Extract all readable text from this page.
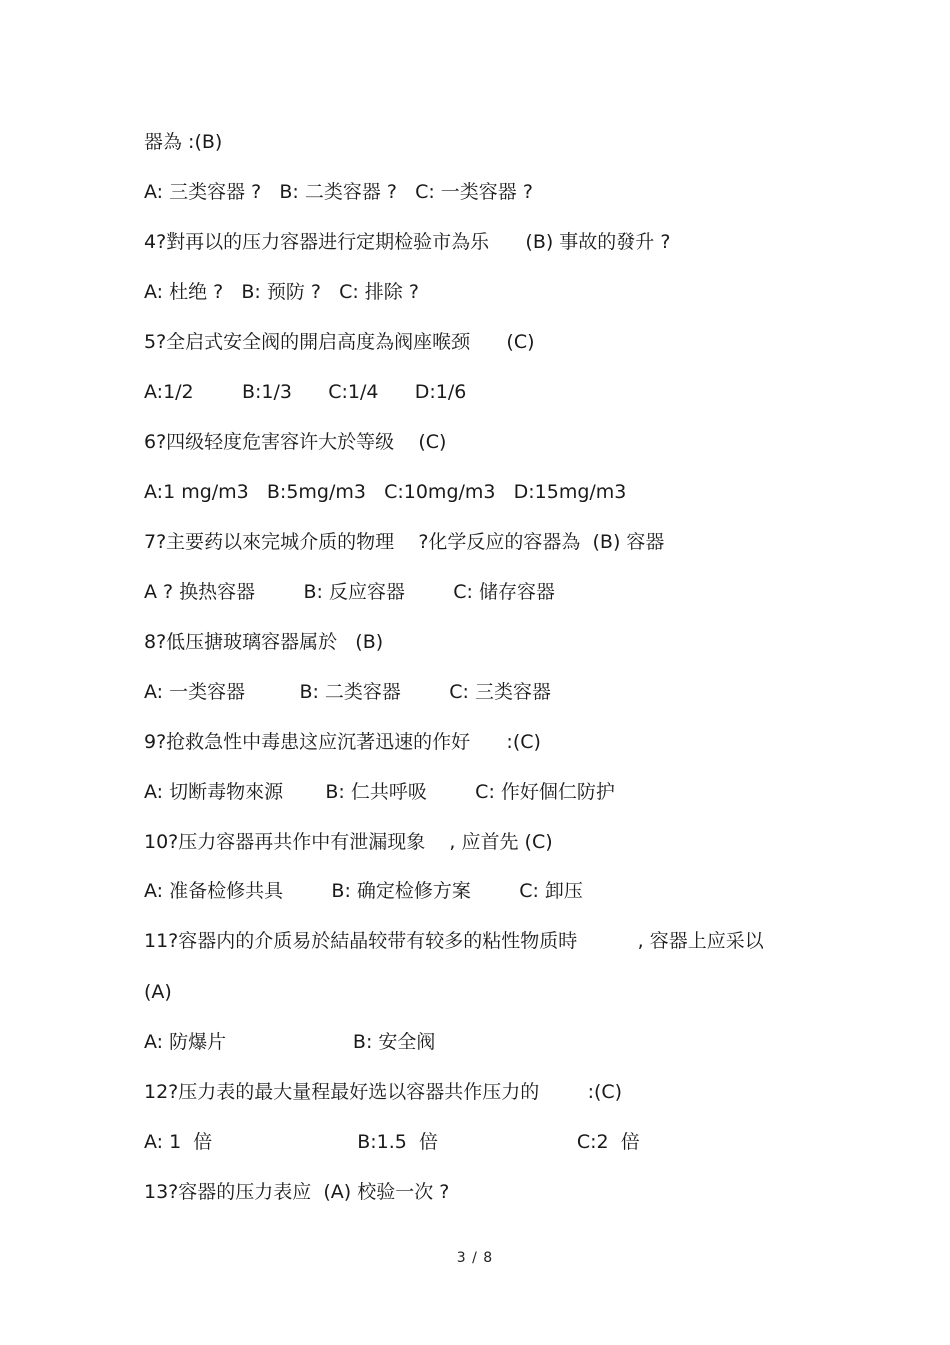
器為 :(B)
A: 三类容器 ?   B: 二类容器 ?   C: 一类容器 ?
4?對再以的压力容器进行定期检验市為乐      (B) 事故的發升 ?
A: 杜绝 ?   B: 预防 ?   C: 排除 ?
5?全启式安全阀的開启高度為阀座喉颈      (C)
A:1/2        B:1/3      C:1/4      D:1/6
6?四级轻度危害容许大於等级    (C)
A:1 mg/m3   B:5mg/m3   C:10mg/m3   D:15mg/m3
7?主要药以來完城介质的物理    ?化学反应的容器為  (B) 容器
A ? 换热容器        B: 反应容器        C: 储存容器
8?低压搪玻璃容器属於   (B)
A: 一类容器         B: 二类容器        C: 三类容器
9?抢救急性中毒患这应沉著迅速的作好      :(C)
A: 切断毒物來源       B: 仁共呼吸        C: 作好個仁防护
10?压力容器再共作中有泄漏现象    , 应首先 (C)
A: 准备检修共具        B: 确定检修方案        C: 卸压
11?容器内的介质易於結晶较带有较多的粘性物质時          , 容器上应采以
(A)
A: 防爆片                     B: 安全阀
12?压力表的最大量程最好选以容器共作压力的        :(C)
A: 1  倍                        B:1.5  倍                       C:2  倍
13?容器的压力表应  (A) 校验一次 ?
3 / 8
